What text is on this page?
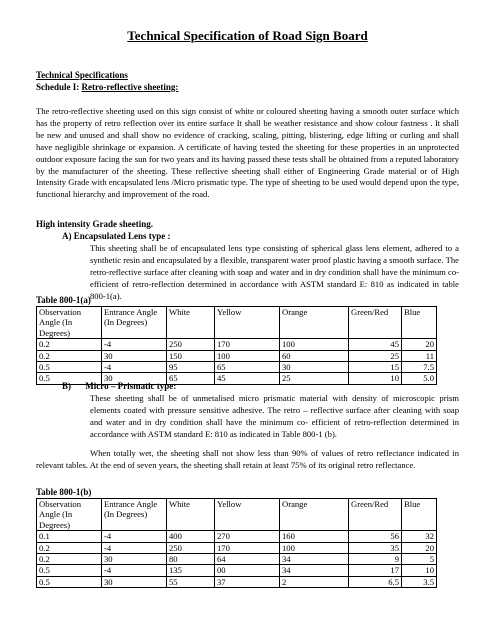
Technical Specification of Road Sign Board
Technical Specifications
Schedule I: Retro-reflective sheeting:
The retro-reflective sheeting used on this sign consist of white or coloured sheeting having a smooth outer surface which has the property of retro reflection over its entire surface It shall be weather resistance and show colour fastness . It shall be new and unused and shall show no evidence of cracking, scaling, pitting, blistering, edge lifting or curling and shall have negligible shrinkage or expansion. A certificate of having tested the sheeting for these properties in an unprotected outdoor exposure facing the sun for two years and its having passed these tests shall be obtained from a reputed laboratory by the manufacturer of the sheeting. These reflective sheeting shall either of Engineering Grade material or of High Intensity Grade with encapsulated lens /Micro prismatic type. The type of sheeting to be used would depend upon the type, functional hierarchy and improvement of the road.
High intensity Grade sheeting.
A) Encapsulated Lens type :
This sheeting shall be of encapsulated lens type consisting of spherical glass lens element, adhered to a synthetic resin and encapsulated by a flexible, transparent water proof plastic having a smooth surface. The retro-reflective surface after cleaning with soap and water and in dry condition shall have the minimum co-efficient of retro-reflection determined in accordance with ASTM standard E: 810 as indicated in table 800-1(a).
Table 800-1(a)
Observation Angle (In Degrees)	Entrance Angle (In Degrees)	White	Yellow	Orange	Green/Red	Blue
0.2	-4	250	170	100	45	20
0.2	30	150	100	60	25	11
0.5	-4	95	65	30	15	7.5
0.5	30	65	45	25	10	5.0
B) Micro – Prismatic type:
These sheeting shall be of unmetalised micro prismatic material with density of microscopic prism elements coated with pressure sensitive adhesive. The retro – reflective surface after cleaning with soap and water and in dry condition shall have the minimum co- efficient of retro-reflection determined in accordance with ASTM standard E: 810 as indicated in Table 800-1 (b).
When totally wet, the sheeting shall not show less than 90% of values of retro reflectance indicated in relevant tables. At the end of seven years, the sheeting shall retain at least 75% of its original retro reflectance.
Table 800-1(b)
Observation Angle (In Degrees)	Entrance Angle (In Degrees)	White	Yellow	Orange	Green/Red	Blue
0.1	-4	400	270	160	56	32
0.2	-4	250	170	100	35	20
0.2	30	80	64	34	9	5
0.5	-4	135	00	34	17	10
0.5	30	55	37	2	6.5	3.5
